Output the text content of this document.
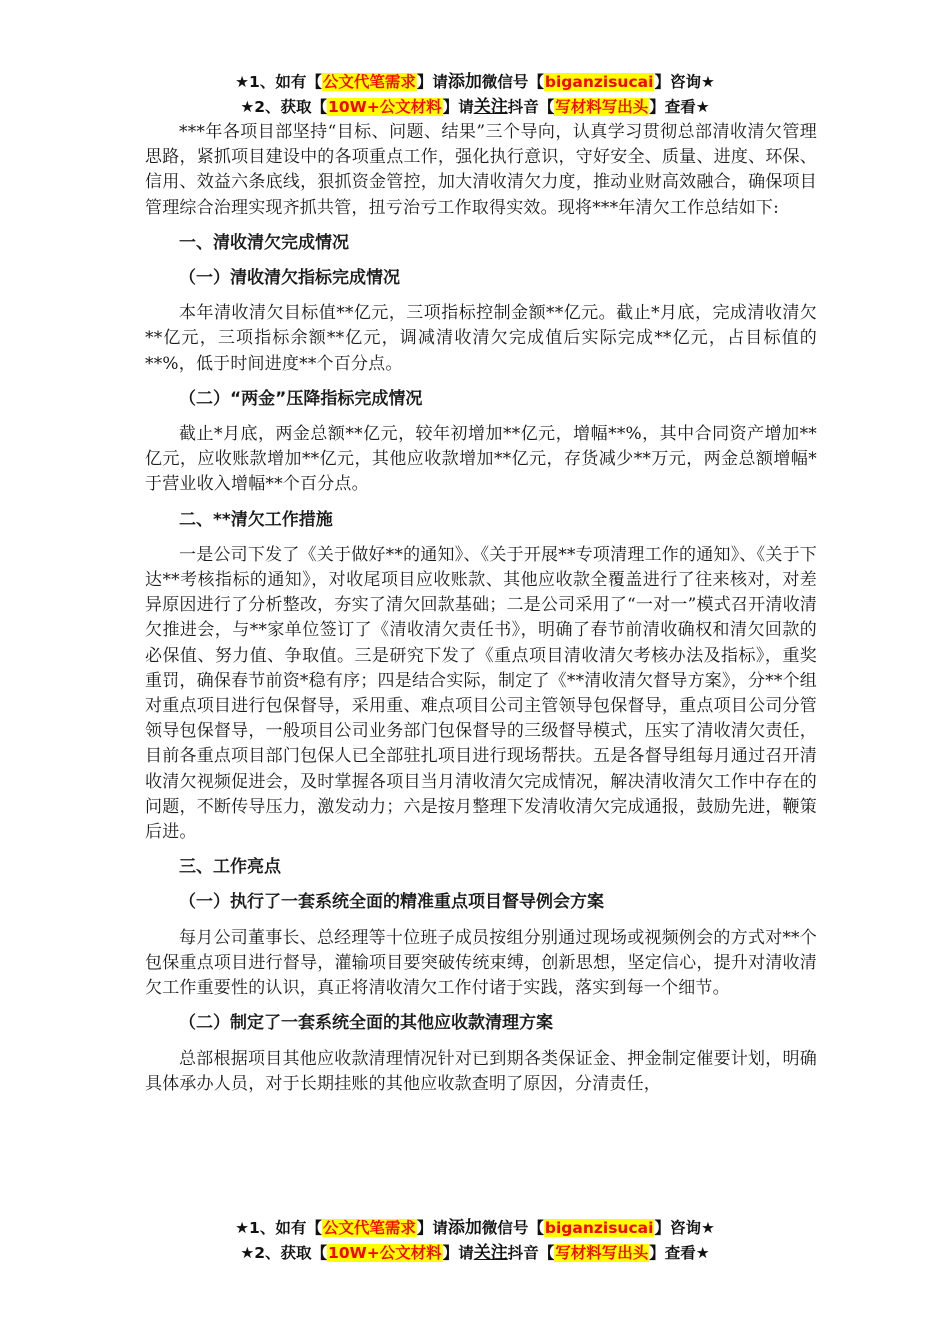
★1、如有【公文代笔需求】请添加微信号【biganzisucai】咨询★
★2、获取【10W+公文材料】请关注抖音【写材料写出头】查看★

***年各项目部坚持“目标、问题、结果”三个导向，认真学习贯彻总部清收清欠管理思路，紧抓项目建设中的各项重点工作，强化执行意识，守好安全、质量、进度、环保、信用、效益六条底线，狠抓资金管控，加大清收清欠力度，推动业财高效融合，确保项目管理综合治理实现齐抓共管，扭亏治亏工作取得实效。现将***年清欠工作总结如下:

一、清收清欠完成情况

（一）清收清欠指标完成情况

本年清收清欠目标值**亿元，三项指标控制金额**亿元。截止*月底，完成清收清欠**亿元，三项指标余额**亿元，调减清收清欠完成值后实际完成**亿元，占目标值的**%，低于时间进度**个百分点。

（二）“两金”压降指标完成情况

截止*月底，两金总额**亿元，较年初增加**亿元，增幅**%，其中合同资产增加**亿元，应收账款增加**亿元，其他应收款增加**亿元，存货减少**万元，两金总额增幅*于营业收入增幅**个百分点。

二、**清欠工作措施

一是公司下发了《关于做好**的通知》、《关于开展**专项清理工作的通知》、《关于下达**考核指标的通知》，对收尾项目应收账款、其他应收款全覆盖进行了往来核对，对差异原因进行了分析整改，夯实了清欠回款基础；二是公司采用了“一对一”模式召开清收清欠推进会，与**家单位签订了《清收清欠责任书》，明确了春节前清收确权和清欠回款的必保值、努力值、争取值。三是研究下发了《重点项目清收清欠考核办法及指标》，重奖重罚，确保春节前资*稳有序；四是结合实际，制定了《**清收清欠督导方案》，分**个组对重点项目进行包保督导，采用重、难点项目公司主管领导包保督导，重点项目公司分管领导包保督导，一般项目公司业务部门包保督导的三级督导模式，压实了清收清欠责任，目前各重点项目部门包保人已全部驻扎项目进行现场帮扶。五是各督导组每月通过召开清收清欠视频促进会，及时掌握各项目当月清收清欠完成情况，解决清收清欠工作中存在的问题，不断传导压力，激发动力；六是按月整理下发清收清欠完成通报，鼓励先进，鞭策后进。

三、工作亮点

（一）执行了一套系统全面的精准重点项目督导例会方案

每月公司董事长、总经理等十位班子成员按组分别通过现场或视频例会的方式对**个包保重点项目进行督导，灌输项目要突破传统束缚，创新思想，坚定信心，提升对清收清欠工作重要性的认识，真正将清收清欠工作付诸于实践，落实到每一个细节。

（二）制定了一套系统全面的其他应收款清理方案

总部根据项目其他应收款清理情况针对已到期各类保证金、押金制定催要计划，明确具体承办人员，对于长期挂账的其他应收款查明了原因，分清责任，

★1、如有【公文代笔需求】请添加微信号【biganzisucai】咨询★
★2、获取【10W+公文材料】请关注抖音【写材料写出头】查看★
